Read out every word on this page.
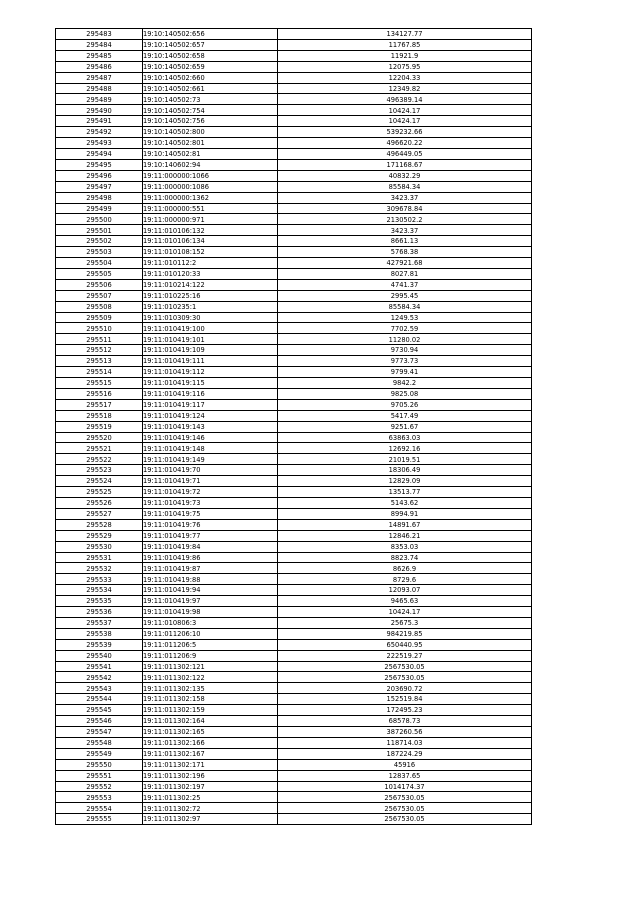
295483	19:10:140502:656	134127.77
295484	19:10:140502:657	11767.85
295485	19:10:140502:658	11921.9
295486	19:10:140502:659	12075.95
295487	19:10:140502:660	12204.33
295488	19:10:140502:661	12349.82
295489	19:10:140502:73	496389.14
295490	19:10:140502:754	10424.17
295491	19:10:140502:756	10424.17
295492	19:10:140502:800	539232.66
295493	19:10:140502:801	496620.22
295494	19:10:140502:81	496449.05
295495	19:10:140602:94	171168.67
295496	19:11:000000:1066	40832.29
295497	19:11:000000:1086	85584.34
295498	19:11:000000:1362	3423.37
295499	19:11:000000:551	309678.84
295500	19:11:000000:971	2130502.2
295501	19:11:010106:132	3423.37
295502	19:11:010106:134	8661.13
295503	19:11:010108:152	5768.38
295504	19:11:010112:2	427921.68
295505	19:11:010120:33	8027.81
295506	19:11:010214:122	4741.37
295507	19:11:010225:16	2995.45
295508	19:11:010235:1	85584.34
295509	19:11:010309:30	1249.53
295510	19:11:010419:100	7702.59
295511	19:11:010419:101	11280.02
295512	19:11:010419:109	9730.94
295513	19:11:010419:111	9773.73
295514	19:11:010419:112	9799.41
295515	19:11:010419:115	9842.2
295516	19:11:010419:116	9825.08
295517	19:11:010419:117	9705.26
295518	19:11:010419:124	5417.49
295519	19:11:010419:143	9251.67
295520	19:11:010419:146	63863.03
295521	19:11:010419:148	12692.16
295522	19:11:010419:149	21019.51
295523	19:11:010419:70	18306.49
295524	19:11:010419:71	12829.09
295525	19:11:010419:72	13513.77
295526	19:11:010419:73	5143.62
295527	19:11:010419:75	8994.91
295528	19:11:010419:76	14891.67
295529	19:11:010419:77	12846.21
295530	19:11:010419:84	8353.03
295531	19:11:010419:86	8823.74
295532	19:11:010419:87	8626.9
295533	19:11:010419:88	8729.6
295534	19:11:010419:94	12093.07
295535	19:11:010419:97	9465.63
295536	19:11:010419:98	10424.17
295537	19:11:010806:3	25675.3
295538	19:11:011206:10	984219.85
295539	19:11:011206:5	650440.95
295540	19:11:011206:9	222519.27
295541	19:11:011302:121	2567530.05
295542	19:11:011302:122	2567530.05
295543	19:11:011302:135	203690.72
295544	19:11:011302:158	152519.84
295545	19:11:011302:159	172495.23
295546	19:11:011302:164	68578.73
295547	19:11:011302:165	387260.56
295548	19:11:011302:166	118714.03
295549	19:11:011302:167	187224.29
295550	19:11:011302:171	45916
295551	19:11:011302:196	12837.65
295552	19:11:011302:197	1014174.37
295553	19:11:011302:25	2567530.05
295554	19:11:011302:72	2567530.05
295555	19:11:011302:97	2567530.05
